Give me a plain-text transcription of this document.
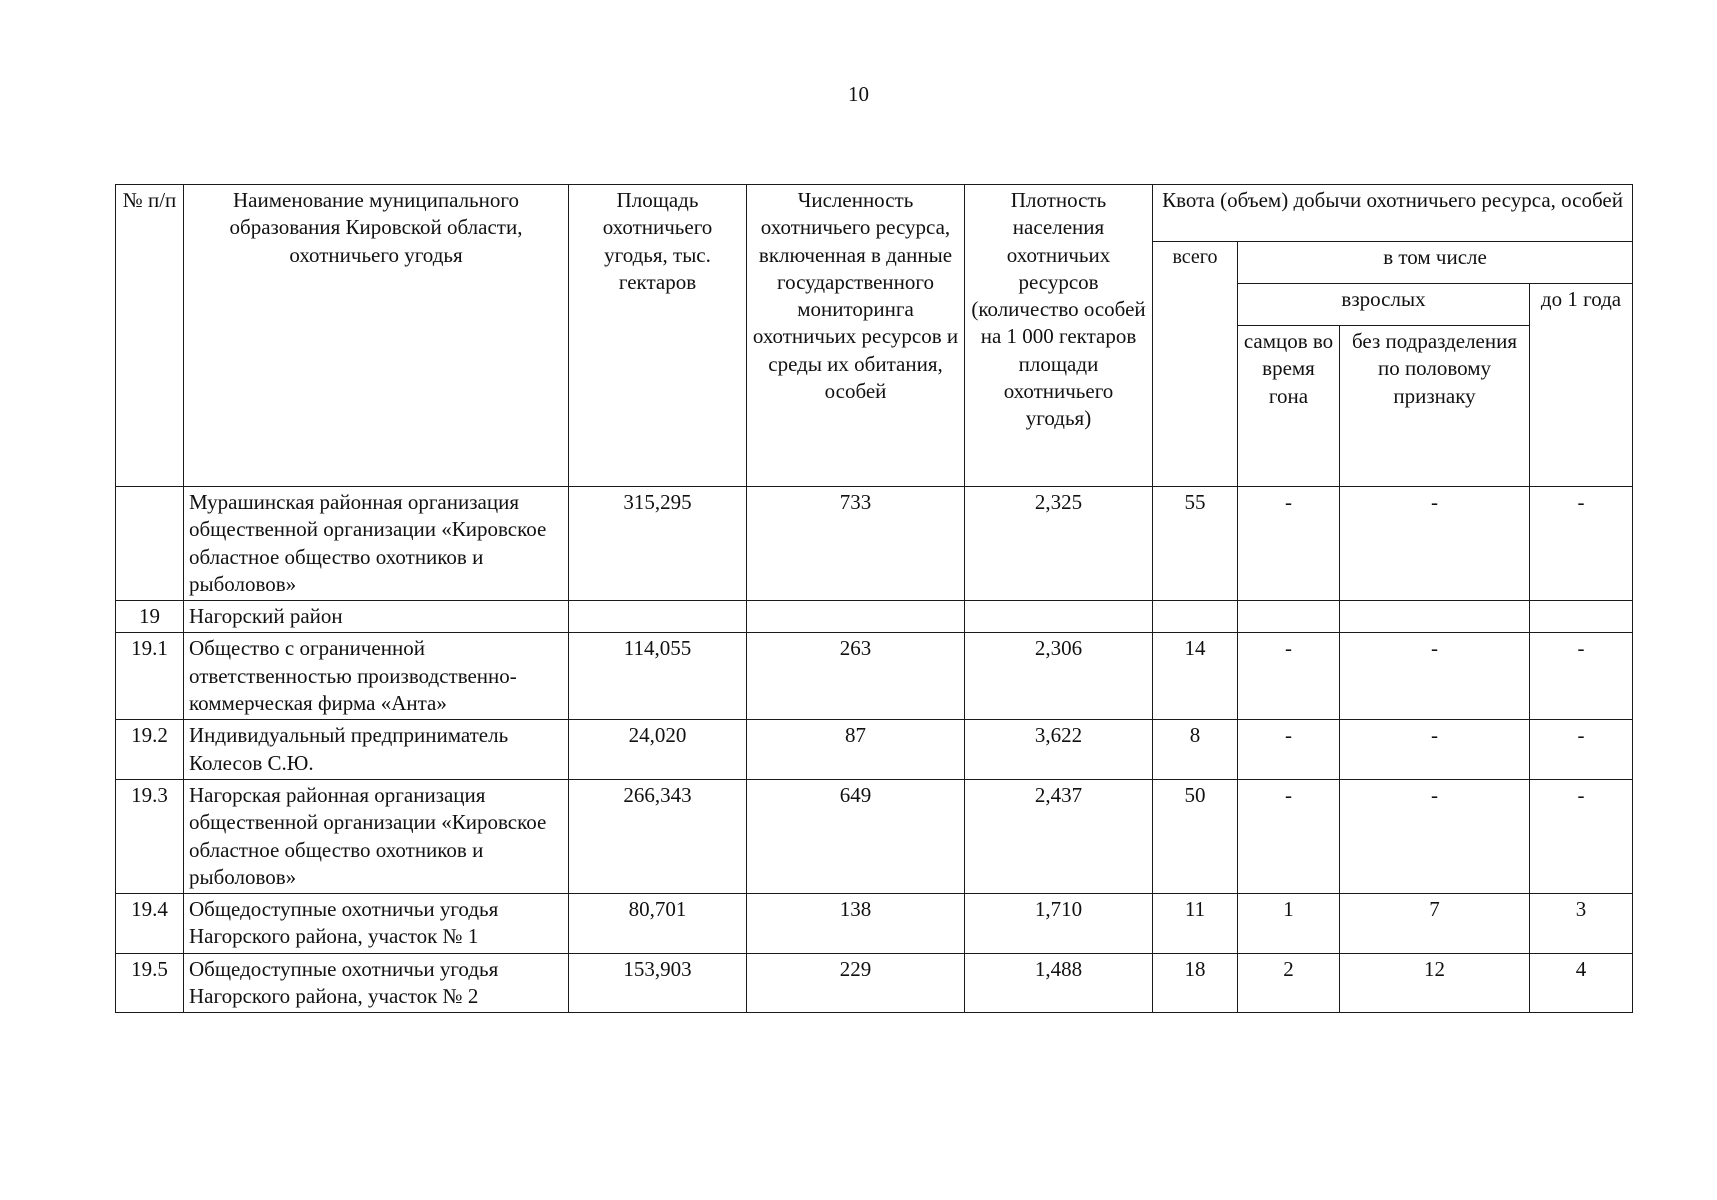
10
№ п/п	Наименование муниципального образования Кировской области, охотничьего угодья	Площадь охотничьего угодья, тыс. гектаров	Численность охотничьего ресурса, включенная в данные государственного мониторинга охотничьих ресурсов и среды их обитания, особей	Плотность населения охотничьих ресурсов (количество особей на 1 000 гектаров площади охотничьего угодья)	Квота (объем) добычи охотничьего ресурса, особей			
					всего	в том числе		
						взрослых		до 1 года
						самцов во время гона	без подразделения по половому признаку	
	Мурашинская районная организация общественной организации «Кировское областное общество охотников и рыболовов»	315,295	733	2,325	55	-	-	-
19	Нагорский район							
19.1	Общество с ограниченной ответственностью производственно-коммерческая фирма «Анта»	114,055	263	2,306	14	-	-	-
19.2	Индивидуальный предприниматель Колесов С.Ю.	24,020	87	3,622	8	-	-	-
19.3	Нагорская районная организация общественной организации «Кировское областное общество охотников и рыболовов»	266,343	649	2,437	50	-	-	-
19.4	Общедоступные охотничьи угодья Нагорского района, участок № 1	80,701	138	1,710	11	1	7	3
19.5	Общедоступные охотничьи угодья Нагорского района, участок № 2	153,903	229	1,488	18	2	12	4
